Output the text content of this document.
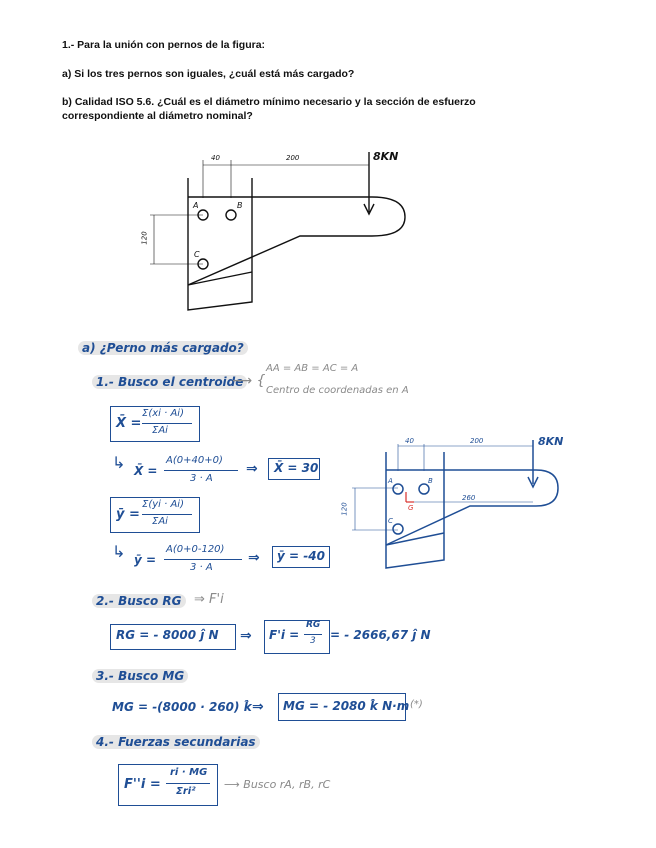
1.- Para la unión con pernos de la figura:
a) Si los tres pernos son iguales, ¿cuál está más cargado?
b) Calidad ISO 5.6. ¿Cuál es el diámetro mínimo necesario y la sección de esfuerzo correspondiente al diámetro nominal?
40	200
120
8KN
A	B
C
a) ¿Perno más cargado?
1.- Busco el centroide
⟶ {
AA = AB = AC = A
Centro de coordenadas en A
X̄ =
Σ(xi · Ai)
ΣAi
↳ X̄ =
A(0+40+0)
3 · A
⇒ X̄ = 30
ȳ =
Σ(yi · Ai)
ΣAi
↳ ȳ =
A(0+0-120)
3 · A
⇒ ȳ = -40
2.- Busco RG ⇒ F'i
RG = - 8000 ĵ N ⇒ F'i =
RG
3 = - 2666,67 ĵ N
3.- Busco MG
MG = -(8000 · 260) k̂ ⇒ MG = - 2080 k̂ N·m (*)
4.- Fuerzas secundarias
F''i =
ri · MG
Σri²
⟶ Busco rA, rB, rC
40	200
120
260
8KN
A	B
C
G
